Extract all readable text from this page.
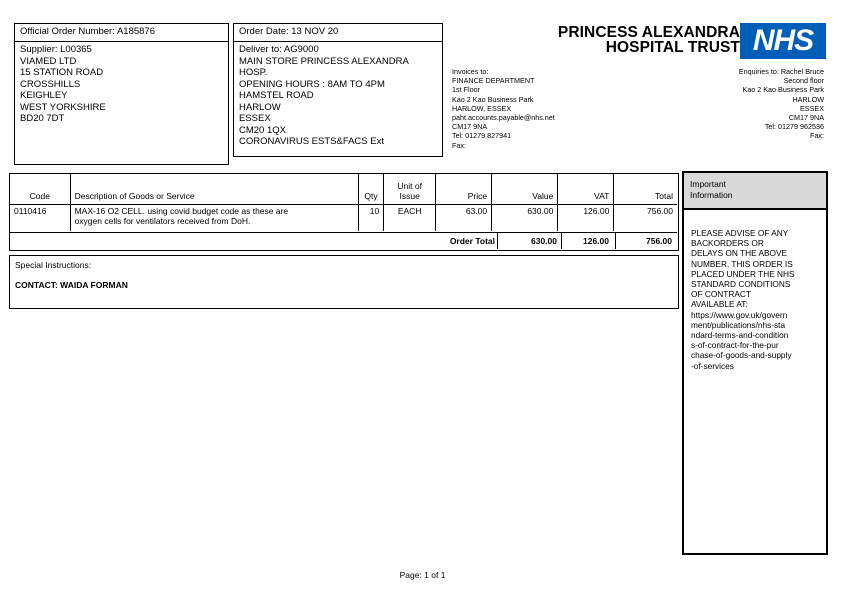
Official Order Number: A185876
Supplier: L00365
VIAMED LTD
15 STATION ROAD
CROSSHILLS
KEIGHLEY
WEST YORKSHIRE
BD20 7DT
Order Date: 13 NOV 20
Deliver to: AG9000
MAIN STORE PRINCESS ALEXANDRA
HOSP.
OPENING HOURS : 8AM TO 4PM
HAMSTEL ROAD
HARLOW
ESSEX
CM20 1QX
CORONAVIRUS ESTS&FACS Ext
PRINCESS ALEXANDRA
HOSPITAL TRUST NHS
Invoices to:
FINANCE DEPARTMENT
1st Floor
Kao 2 Kao Business Park
HARLOW, ESSEX
paht.accounts.payable@nhs.net
CM17 9NA
Tel: 01279 827941
Fax:
Enquiries to: Rachel Bruce
Second floor
Kao 2 Kao Business Park
HARLOW
ESSEX
CM17 9NA
Tel: 01279 962536
Fax:
Code	Description of Goods or Service	Qty	Unit of
Issue	Price	Value	VAT	Total
0110416	MAX-16 O2 CELL. using covid budget code as these are
oxygen cells for ventilators received from DoH.	10	EACH	63.00	630.00	126.00	756.00
Order Total	630.00	126.00	756.00
Special Instructions:
CONTACT: WAIDA FORMAN
Important
Information
PLEASE ADVISE OF ANY
BACKORDERS OR
DELAYS ON THE ABOVE
NUMBER. THIS ORDER IS
PLACED UNDER THE NHS
STANDARD CONDITIONS
OF CONTRACT
AVAILABLE AT:
https://www.gov.uk/govern
ment/publications/nhs-sta
ndard-terms-and-condition
s-of-contract-for-the-pur
chase-of-goods-and-supply
-of-services
Page: 1 of 1
